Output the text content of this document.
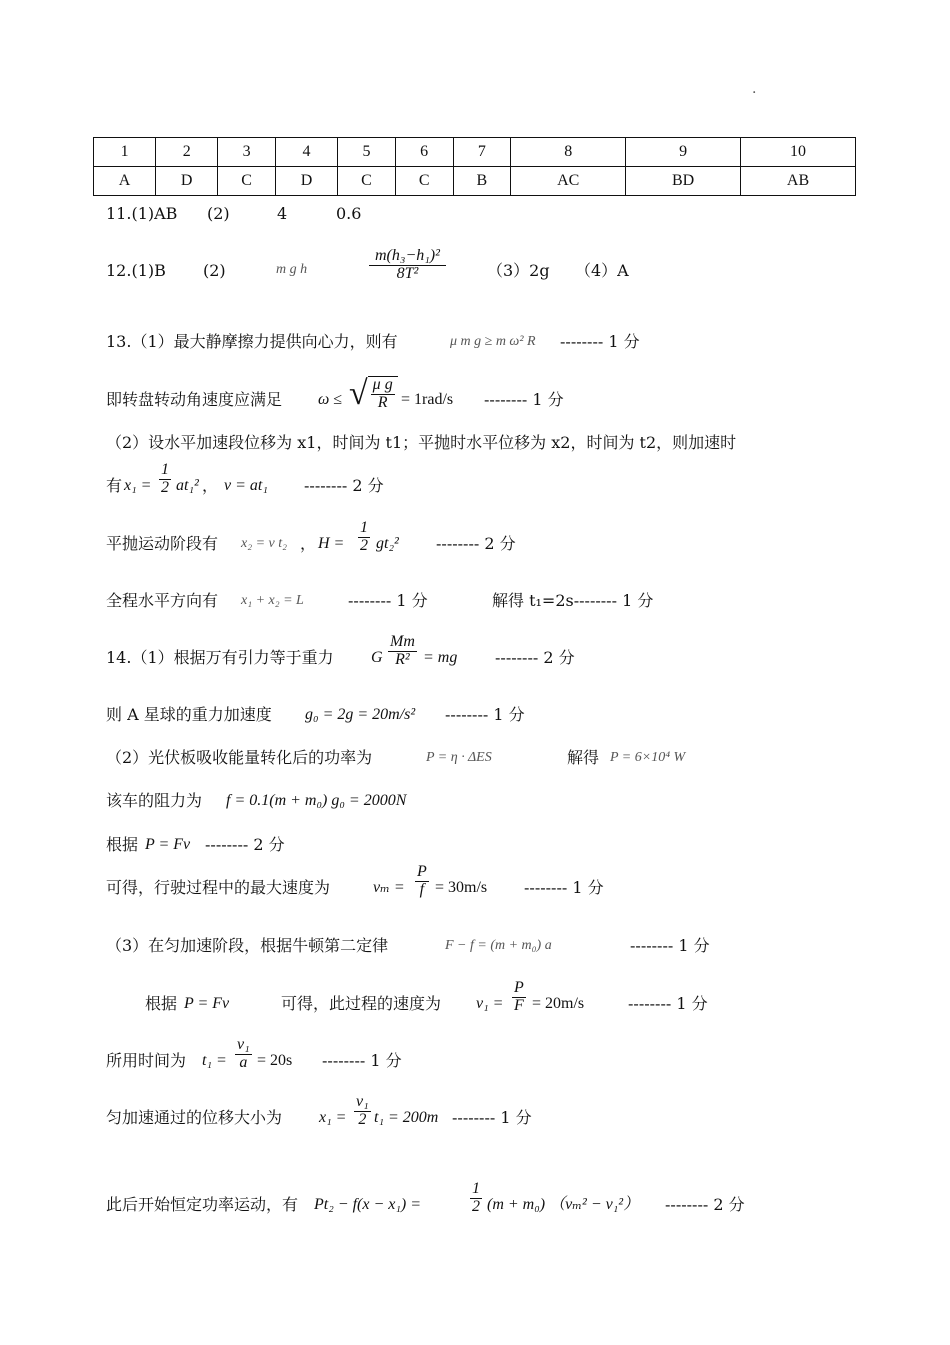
·
1	2	3	4	5	6	7	8	9	10
A	D	C	D	C	C	B	AC	BD	AB
11.(1)AB (2)	4	0.6
12.(1)B (2)	m g h	$\frac{\text{m(h₃−h₁)²}}{\text{8T²}}$	（3）2g （4）A
13.（1）最大静摩擦力提供向心力，则有	μ m g ≥ m ω² R -------- 1 分
即转盘转动角速度应满足 ω ≤ √ $\frac{\text{μ g}}{R} = 1rad/s$ -------- 1 分
（2）设水平加速段位移为 x1，时间为 t1；平抛时水平位移为 x2，时间为 t2，则加速时
有 $x_1 = \frac{1}{2} at_1^2$ ， v = at₁ -------- 2 分
平抛运动阶段有 x₂ = v t₂ ， $H = \frac{1}{2} gt_2^2$ -------- 2 分
全程水平方向有 x₁ + x₂ = L	-------- 1 分	解得 t₁=2s-------- 1 分
14.（1）根据万有引力等于重力 G $\frac{Mm}{\text{R²}}$ = mg -------- 2 分
则 A 星球的重力加速度 g₀ = 2g = 20m/s² -------- 1 分
（2）光伏板吸收能量转化后的功率为	P = η · ΔES	解得 P = 6×10⁴ W
该车的阻力为 f = 0.1(m + m₀) g₀ = 2000N
根据 P = Fv -------- 2 分
可得，行驶过程中的最大速度为	$v_m = \frac{P}{f} = 30m/s$ -------- 1 分
（3）在匀加速阶段，根据牛顿第二定律	F − f = (m + m₀) a	-------- 1 分
根据 P = Fv	可得，此过程的速度为 $v_1 = \frac{P}{F} = 20m/s$	-------- 1 分
所用时间为 $t_1 = \frac{\text{v₁}}{a} = 20s$ -------- 1 分
匀加速通过的位移大小为 $x_1 = \frac{\text{v₁}}{2} t_1 = 200m$ -------- 1 分
此后开始恒定功率运动，有 Pt₂ − f(x − x₁) =	$\frac{1}{2} (m + m_0) (v_m^2 - v_1^2)$ -------- 2 分
